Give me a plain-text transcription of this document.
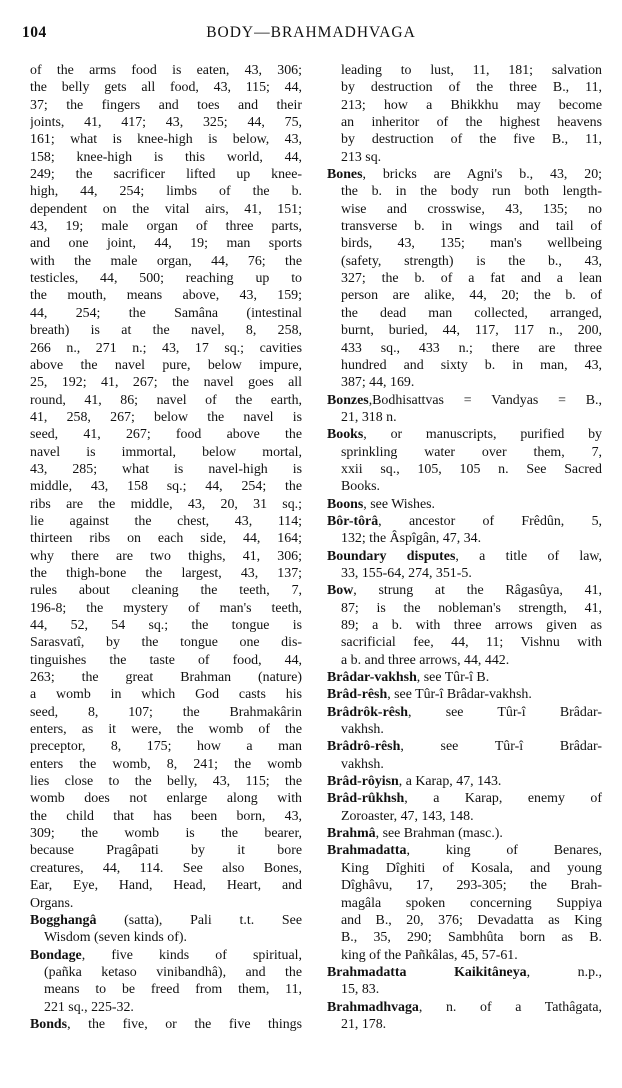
104	BODY—BRAHMADHVAGA
of the arms food is eaten, 43, 306;
the belly gets all food, 43, 115; 44,
37; the fingers and toes and their
joints, 41, 417; 43, 325; 44, 75,
161; what is knee-high is below, 43,
158; knee-high is this world, 44,
249; the sacrificer lifted up knee-
high, 44, 254; limbs of the b.
dependent on the vital airs, 41, 151;
43, 19; male organ of three parts,
and one joint, 44, 19; man sports
with the male organ, 44, 76; the
testicles, 44, 500; reaching up to
the mouth, means above, 43, 159;
44, 254; the Samâna (intestinal
breath) is at the navel, 8, 258,
266 n., 271 n.; 43, 17 sq.; cavities
above the navel pure, below impure,
25, 192; 41, 267; the navel goes all
round, 41, 86; navel of the earth,
41, 258, 267; below the navel is
seed, 41, 267; food above the
navel is immortal, below mortal,
43, 285; what is navel-high is
middle, 43, 158 sq.; 44, 254; the
ribs are the middle, 43, 20, 31 sq.;
lie against the chest, 43, 114;
thirteen ribs on each side, 44, 164;
why there are two thighs, 41, 306;
the thigh-bone the largest, 43, 137;
rules about cleaning the teeth, 7,
196-8; the mystery of man's teeth,
44, 52, 54 sq.; the tongue is
Sarasvatî, by the tongue one dis-
tinguishes the taste of food, 44,
263; the great Brahman (nature)
a womb in which God casts his
seed, 8, 107; the Brahmakârin
enters, as it were, the womb of the
preceptor, 8, 175; how a man
enters the womb, 8, 241; the womb
lies close to the belly, 43, 115; the
womb does not enlarge along with
the child that has been born, 43,
309; the womb is the bearer,
because Pragâpati by it bore
creatures, 44, 114. See also Bones,
Ear, Eye, Hand, Head, Heart, and
Organs.
Bogghangâ (satta), Pali t.t. See
Wisdom (seven kinds of).
Bondage, five kinds of spiritual,
(pañka ketaso vinibandhâ), and the
means to be freed from them, 11,
221 sq., 225-32.
Bonds, the five, or the five things
leading to lust, 11, 181; salvation
by destruction of the three B., 11,
213; how a Bhikkhu may become
an inheritor of the highest heavens
by destruction of the five B., 11,
213 sq.
Bones, bricks are Agni's b., 43, 20;
the b. in the body run both length-
wise and crosswise, 43, 135; no
transverse b. in wings and tail of
birds, 43, 135; man's wellbeing
(safety, strength) is the b., 43,
327; the b. of a fat and a lean
person are alike, 44, 20; the b. of
the dead man collected, arranged,
burnt, buried, 44, 117, 117 n., 200,
433 sq., 433 n.; there are three
hundred and sixty b. in man, 43,
387; 44, 169.
Bonzes,Bodhisattvas = Vandyas = B.,
21, 318 n.
Books, or manuscripts, purified by
sprinkling water over them, 7,
xxii sq., 105, 105 n. See Sacred
Books.
Boons, see Wishes.
Bôr-tôrâ, ancestor of Frêdûn, 5,
132; the Âspîgân, 47, 34.
Boundary disputes, a title of law,
33, 155-64, 274, 351-5.
Bow, strung at the Râgasûya, 41,
87; is the nobleman's strength, 41,
89; a b. with three arrows given as
sacrificial fee, 44, 11; Vishnu with
a b. and three arrows, 44, 442.
Brâdar-vakhsh, see Tûr-î B.
Brâd-rêsh, see Tûr-î Brâdar-vakhsh.
Brâdrôk-rêsh, see Tûr-î Brâdar-
vakhsh.
Brâdrô-rêsh, see Tûr-î Brâdar-
vakhsh.
Brâd-rôyisn, a Karap, 47, 143.
Brâd-rûkhsh, a Karap, enemy of
Zoroaster, 47, 143, 148.
Brahmâ, see Brahman (masc.).
Brahmadatta, king of Benares,
King Dîghiti of Kosala, and young
Dîghâvu, 17, 293-305; the Brah-
magâla spoken concerning Suppiya
and B., 20, 376; Devadatta as King
B., 35, 290; Sambhûta born as B.
king of the Pañkâlas, 45, 57-61.
Brahmadatta Kaikitâneya, n.p.,
15, 83.
Brahmadhvaga, n. of a Tathâgata,
21, 178.
